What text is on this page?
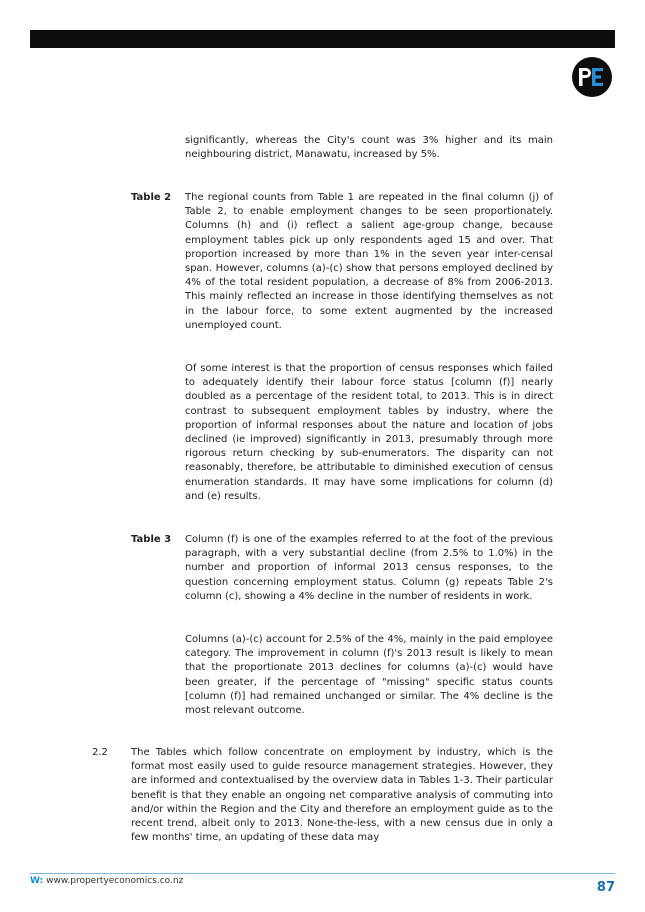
significantly, whereas the City's count was 3% higher and its main neighbouring district, Manawatu, increased by 5%.

Table 2 The regional counts from Table 1 are repeated in the final column (j) of Table 2, to enable employment changes to be seen proportionately. Columns (h) and (i) reflect a salient age-group change, because employment tables pick up only respondents aged 15 and over. That proportion increased by more than 1% in the seven year inter-censal span. However, columns (a)-(c) show that persons employed declined by 4% of the total resident population, a decrease of 8% from 2006-2013. This mainly reflected an increase in those identifying themselves as not in the labour force, to some extent augmented by the increased unemployed count.

Of some interest is that the proportion of census responses which failed to adequately identify their labour force status [column (f)] nearly doubled as a percentage of the resident total, to 2013. This is in direct contrast to subsequent employment tables by industry, where the proportion of informal responses about the nature and location of jobs declined (ie improved) significantly in 2013, presumably through more rigorous return checking by sub-enumerators. The disparity can not reasonably, therefore, be attributable to diminished execution of census enumeration standards. It may have some implications for column (d) and (e) results.

Table 3 Column (f) is one of the examples referred to at the foot of the previous paragraph, with a very substantial decline (from 2.5% to 1.0%) in the number and proportion of informal 2013 census responses, to the question concerning employment status. Column (g) repeats Table 2's column (c), showing a 4% decline in the number of residents in work.

Columns (a)-(c) account for 2.5% of the 4%, mainly in the paid employee category. The improvement in column (f)'s 2013 result is likely to mean that the proportionate 2013 declines for columns (a)-(c) would have been greater, if the percentage of "missing" specific status counts [column (f)] had remained unchanged or similar. The 4% decline is the most relevant outcome.

2.2 The Tables which follow concentrate on employment by industry, which is the format most easily used to guide resource management strategies. However, they are informed and contextualised by the overview data in Tables 1-3. Their particular benefit is that they enable an ongoing net comparative analysis of commuting into and/or within the Region and the City and therefore an employment guide as to the recent trend, albeit only to 2013. None-the-less, with a new census due in only a few months' time, an updating of these data may

W: www.propertyeconomics.co.nz	87
